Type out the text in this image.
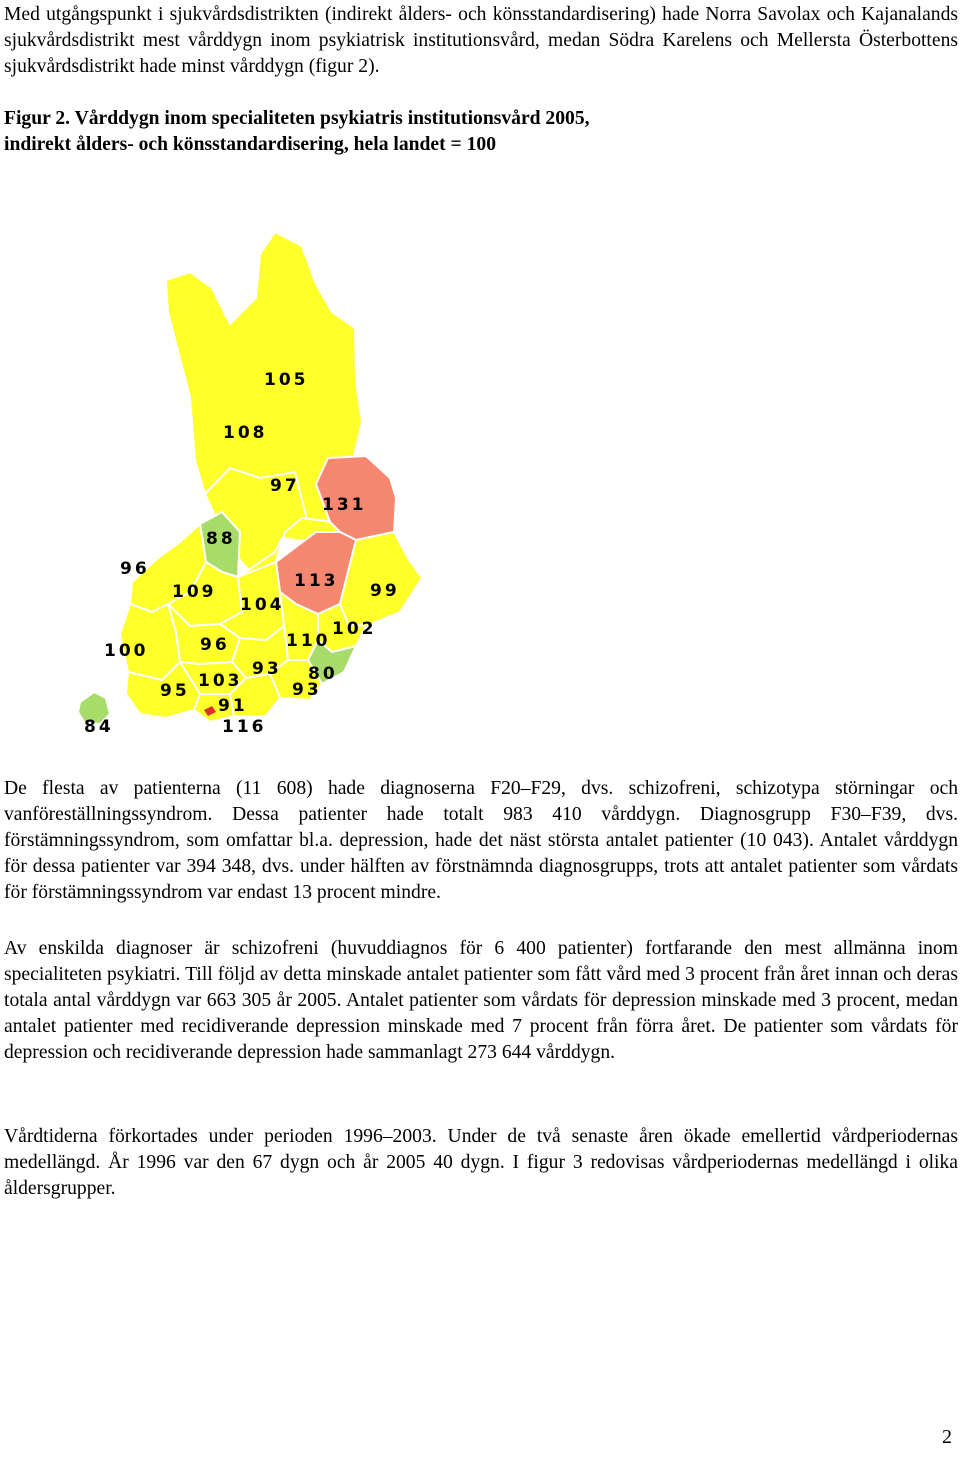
Med utgångspunkt i sjukvårdsdistrikten (indirekt ålders- och könsstandardisering) hade Norra Savolax och Kajanalands sjukvårdsdistrikt mest vårddygn inom psykiatrisk institutionsvård, medan Södra Karelens och Mellersta Österbottens sjukvårdsdistrikt hade minst vårddygn (figur 2).

Figur 2. Vårddygn inom specialiteten psykiatris institutionsvård 2005,

indirekt ålders- och könsstandardisering, hela landet = 100

105
108
97
131
88
96
109
113 99
104
102
110
100	96
93 80
103	93
95
91
84	116

De flesta av patienterna (11 608) hade diagnoserna F20–F29, dvs. schizofreni, schizotypa störningar och vanföreställningssyndrom. Dessa patienter hade totalt 983 410 vårddygn. Diagnosgrupp F30–F39, dvs. förstämningssyndrom, som omfattar bl.a. depression, hade det näst största antalet patienter (10 043). Antalet vårddygn för dessa patienter var 394 348, dvs. under hälften av förstnämnda diagnosgrupps, trots att antalet patienter som vårdats för förstämningssyndrom var endast 13 procent mindre.

Av enskilda diagnoser är schizofreni (huvuddiagnos för 6 400 patienter) fortfarande den mest allmänna inom specialiteten psykiatri. Till följd av detta minskade antalet patienter som fått vård med 3 procent från året innan och deras totala antal vårddygn var 663 305 år 2005. Antalet patienter som vårdats för depression minskade med 3 procent, medan antalet patienter med recidiverande depression minskade med 7 procent från förra året. De patienter som vårdats för depression och recidiverande depression hade sammanlagt 273 644 vårddygn.

Vårdtiderna förkortades under perioden 1996–2003. Under de två senaste åren ökade emellertid vårdperiodernas medellängd. År 1996 var den 67 dygn och år 2005 40 dygn. I figur 3 redovisas vårdperiodernas medellängd i olika åldersgrupper.

2
